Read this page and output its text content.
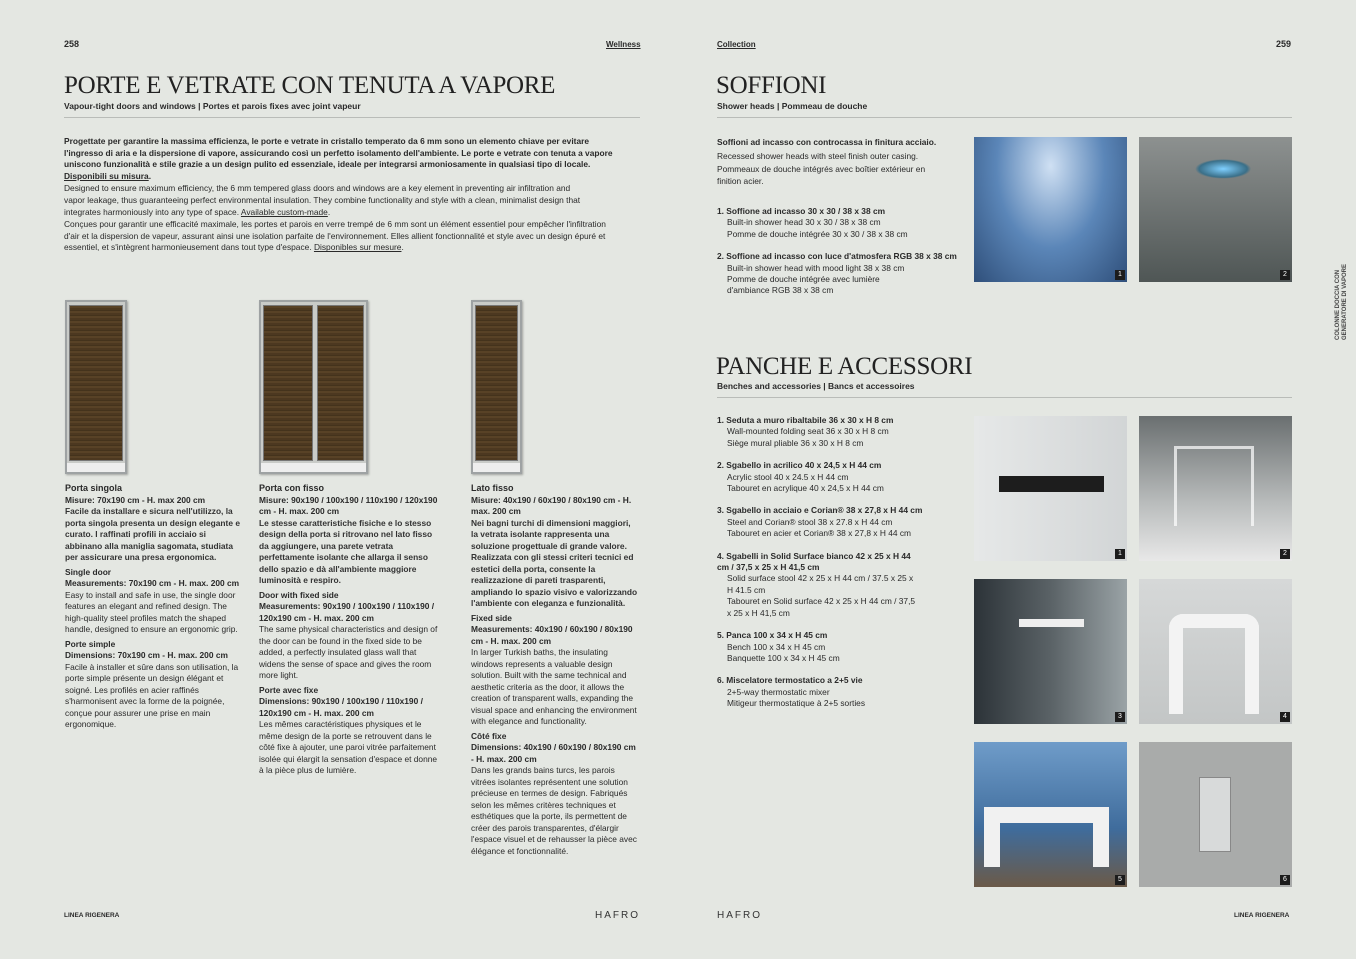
258	Wellness
PORTE E VETRATE CON TENUTA A VAPORE
Vapour-tight doors and windows | Portes et parois fixes avec joint vapeur

Progettate per garantire la massima efficienza, le porte e vetrate in cristallo temperato da 6 mm sono un elemento chiave per evitare l'ingresso di aria e la dispersione di vapore, assicurando così un perfetto isolamento dell'ambiente. Le porte e vetrate con tenuta a vapore uniscono funzionalità e stile grazie a un design pulito ed essenziale, ideale per integrarsi armoniosamente in qualsiasi tipo di locale. Disponibili su misura.

Designed to ensure maximum efficiency, the 6 mm tempered glass doors and windows are a key element in preventing air infiltration and vapor leakage, thus guaranteeing perfect environmental insulation. They combine functionality and style with a clean, minimalist design that integrates harmoniously into any type of space. Available custom-made.

Conçues pour garantir une efficacité maximale, les portes et parois en verre trempé de 6 mm sont un élément essentiel pour empêcher l'infiltration d'air et la dispersion de vapeur, assurant ainsi une isolation parfaite de l'environnement. Elles allient fonctionnalité et style avec un design épuré et essentiel, et s'intègrent harmonieusement dans tout type d'espace. Disponibles sur mesure.

Porta singola
Misure: 70x190 cm - H. max 200 cm
Facile da installare e sicura nell'utilizzo, la porta singola presenta un design elegante e curato. I raffinati profili in acciaio si abbinano alla maniglia sagomata, studiata per assicurare una presa ergonomica.
Single door
Measurements: 70x190 cm - H. max. 200 cm
Easy to install and safe in use, the single door features an elegant and refined design. The high-quality steel profiles match the shaped handle, designed to ensure an ergonomic grip.
Porte simple
Dimensions: 70x190 cm - H. max. 200 cm
Facile à installer et sûre dans son utilisation, la porte simple présente un design élégant et soigné. Les profilés en acier raffinés s'harmonisent avec la forme de la poignée, conçue pour assurer une prise en main ergonomique.
Porta con fisso
Misure: 90x190 / 100x190 / 110x190 / 120x190 cm - H. max. 200 cm
Le stesse caratteristiche fisiche e lo stesso design della porta si ritrovano nel lato fisso da aggiungere, una parete vetrata perfettamente isolante che allarga il senso dello spazio e dà all'ambiente maggiore luminosità e respiro.
Door with fixed side
Measurements: 90x190 / 100x190 / 110x190 / 120x190 cm - H. max. 200 cm
The same physical characteristics and design of the door can be found in the fixed side to be added, a perfectly insulated glass wall that widens the sense of space and gives the room more light.
Porte avec fixe
Dimensions: 90x190 / 100x190 / 110x190 / 120x190 cm - H. max. 200 cm
Les mêmes caractéristiques physiques et le même design de la porte se retrouvent dans le côté fixe à ajouter, une paroi vitrée parfaitement isolée qui élargit la sensation d'espace et donne à la pièce plus de lumière.
Lato fisso
Misure: 40x190 / 60x190 / 80x190 cm - H. max. 200 cm
Nei bagni turchi di dimensioni maggiori, la vetrata isolante rappresenta una soluzione progettuale di grande valore. Realizzata con gli stessi criteri tecnici ed estetici della porta, consente la realizzazione di pareti trasparenti, ampliando lo spazio visivo e valorizzando l'ambiente con eleganza e funzionalità.
Fixed side
Measurements: 40x190 / 60x190 / 80x190 cm - H. max. 200 cm
In larger Turkish baths, the insulating windows represents a valuable design solution. Built with the same technical and aesthetic criteria as the door, it allows the creation of transparent walls, expanding the visual space and enhancing the environment with elegance and functionality.
Côté fixe
Dimensions: 40x190 / 60x190 / 80x190 cm - H. max. 200 cm
Dans les grands bains turcs, les parois vitrées isolantes représentent une solution précieuse en termes de design. Fabriqués selon les mêmes critères techniques et esthétiques que la porte, ils permettent de créer des parois transparentes, d'élargir l'espace visuel et de rehausser la pièce avec élégance et fonctionnalité.
LINEA RIGENERA	HAFRO
Collection	259
SOFFIONI
Shower heads | Pommeau de douche

Soffioni ad incasso con controcassa in finitura acciaio.

Recessed shower heads with steel finish outer casing.

Pommeaux de douche intégrés avec boîtier extérieur en finition acier.

1. Soffione ad incasso 30 x 30 / 38 x 38 cm
Built-in shower head 30 x 30 / 38 x 38 cm
Pomme de douche intégrée 30 x 30 / 38 x 38 cm
2. Soffione ad incasso con luce d'atmosfera RGB 38 x 38 cm
Built-in shower head with mood light 38 x 38 cm
Pomme de douche intégrée avec lumière d'ambiance RGB 38 x 38 cm
1	2
PANCHE E ACCESSORI
Benches and accessories | Bancs et accessoires
1. Seduta a muro ribaltabile 36 x 30 x H 8 cm
Wall-mounted folding seat 36 x 30 x H 8 cm
Siège mural pliable 36 x 30 x H 8 cm
2. Sgabello in acrilico 40 x 24,5 x H 44 cm
Acrylic stool 40 x 24.5 x H 44 cm
Tabouret en acrylique 40 x 24,5 x H 44 cm
3. Sgabello in acciaio e Corian® 38 x 27,8 x H 44 cm
Steel and Corian® stool 38 x 27.8 x H 44 cm
Tabouret en acier et Corian® 38 x 27,8 x H 44 cm
4. Sgabelli in Solid Surface bianco 42 x 25 x H 44 cm / 37,5 x 25 x H 41,5 cm
Solid surface stool 42 x 25 x H 44 cm / 37.5 x 25 x H 41.5 cm
Tabouret en Solid surface 42 x 25 x H 44 cm / 37,5 x 25 x H 41,5 cm
5. Panca 100 x 34 x H 45 cm
Bench 100 x 34 x H 45 cm
Banquette 100 x 34 x H 45 cm
6. Miscelatore termostatico a 2+5 vie
2+5-way thermostatic mixer
Mitigeur thermostatique à 2+5 sorties
1	2
3	4
5	6
COLONNE DOCCIA CON GENERATORE DI VAPORE
HAFRO	LINEA RIGENERA
